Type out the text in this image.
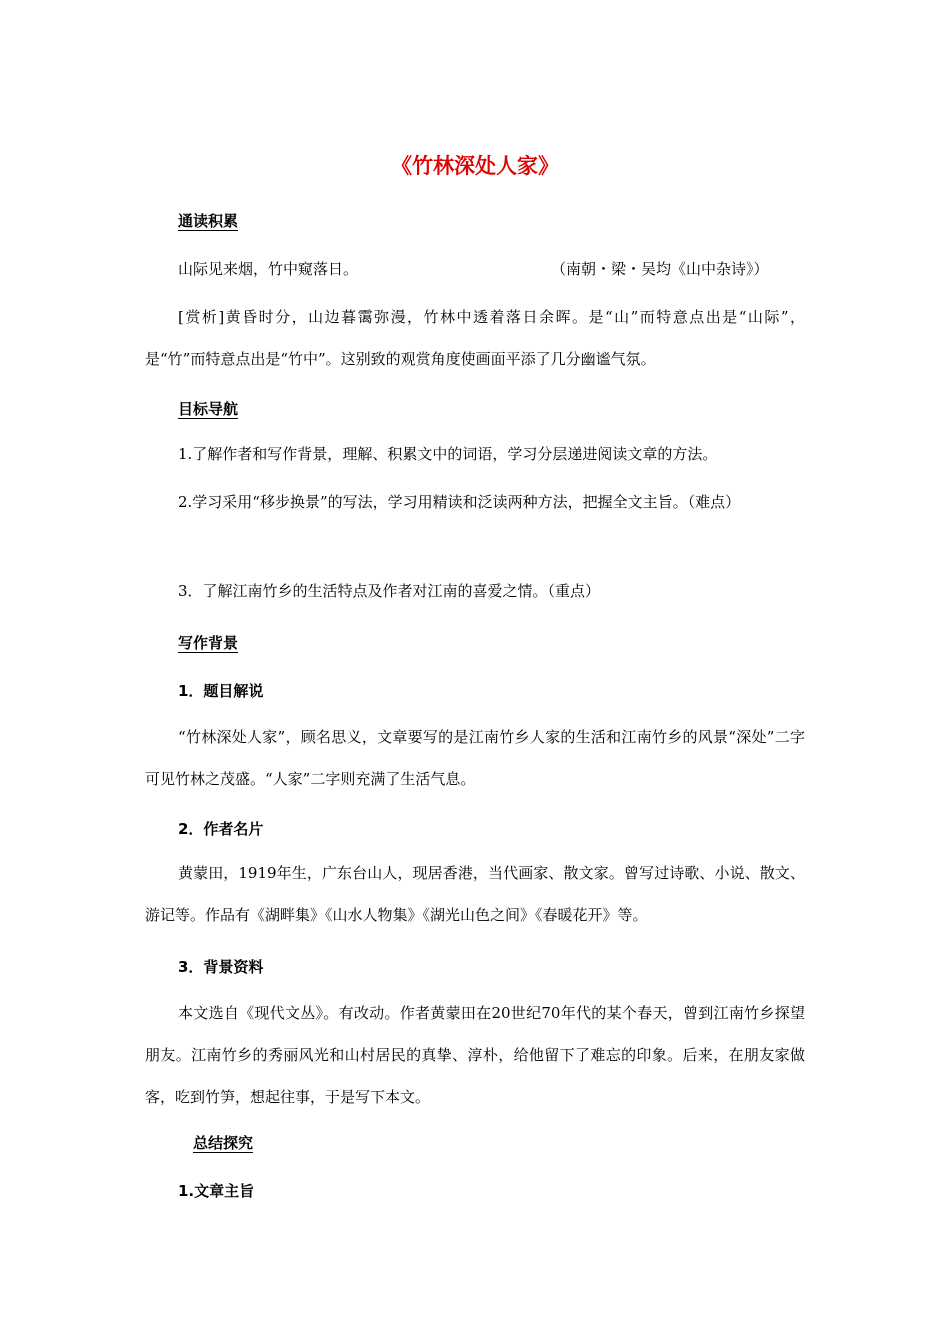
《竹林深处人家》
通读积累
山际见来烟，竹中窥落日。	（南朝・梁・吴均《山中杂诗》）
[赏析]黄昏时分，山边暮霭弥漫，竹林中透着落日余晖。是“山”而特意点出是“山际”，是“竹”而特意点出是“竹中”。这别致的观赏角度使画面平添了几分幽谧气氛。
目标导航
1.了解作者和写作背景，理解、积累文中的词语，学习分层递进阅读文章的方法。
2.学习采用“移步换景”的写法，学习用精读和泛读两种方法，把握全文主旨。（难点）
3．了解江南竹乡的生活特点及作者对江南的喜爱之情。（重点）
写作背景
1．题目解说
“竹林深处人家”，顾名思义，文章要写的是江南竹乡人家的生活和江南竹乡的风景“深处”二字可见竹林之茂盛。“人家”二字则充满了生活气息。
2．作者名片
黄蒙田，1919年生，广东台山人，现居香港，当代画家、散文家。曾写过诗歌、小说、散文、游记等。作品有《湖畔集》《山水人物集》《湖光山色之间》《春暖花开》等。
3．背景资料
本文选自《现代文丛》。有改动。作者黄蒙田在20世纪70年代的某个春天，曾到江南竹乡探望朋友。江南竹乡的秀丽风光和山村居民的真挚、淳朴，给他留下了难忘的印象。后来，在朋友家做客，吃到竹笋，想起往事，于是写下本文。
总结探究
1.文章主旨
